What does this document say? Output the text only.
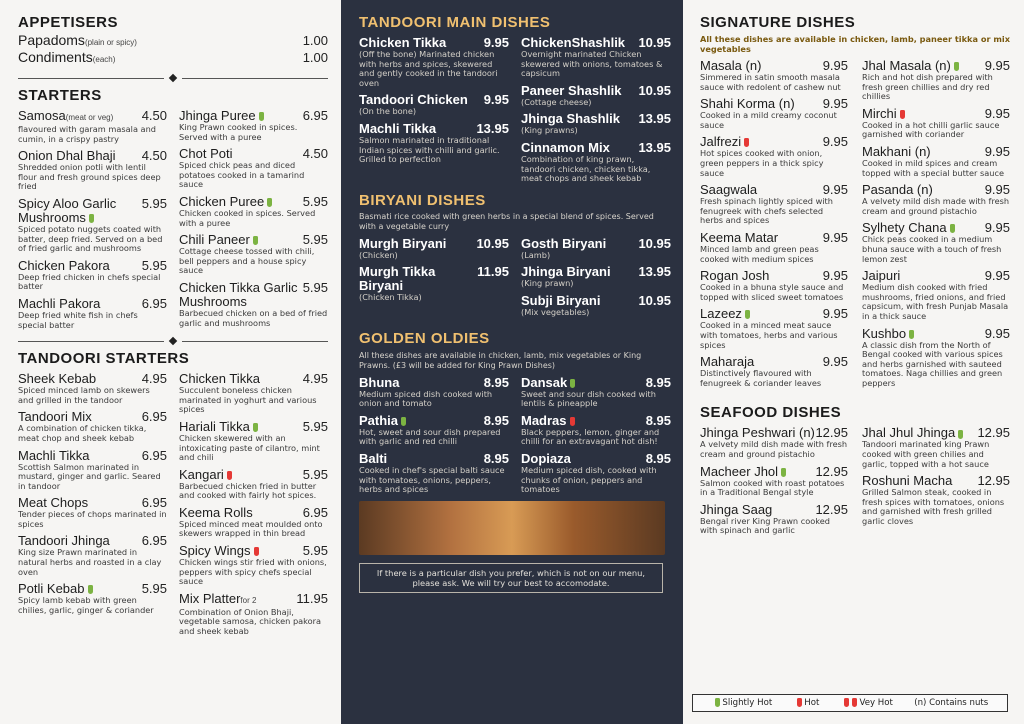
APPETISERS
Papadoms(plain or spicy)	1.00
Condiments(each)	1.00
STARTERS
Samosa(meat or veg) 4.50
flavoured with garam masala and cumin, in a crispy pastry
Onion Dhal Bhaji 4.50
Shredded onion potli with lentil flour and fresh ground spices deep fried
Spicy Aloo Garlic Mushrooms
5.95
Spiced potato nuggets coated with batter, deep fried. Served on a bed of fried garlic and mushrooms
Chicken Pakora 5.95
Deep fried chicken in chefs special batter
Machli Pakora	6.95
Deep fried white fish in chefs special batter
Jhinga Puree	6.95
King Prawn cooked in spices. Served with a puree
Chot Poti	4.50
Spiced chick peas and diced potatoes cooked in a tamarind sauce
Chicken Puree	5.95
Chicken cooked in spices. Served with a puree
Chili Paneer	5.95
Cottage cheese tossed with chili, bell peppers and a house spicy sauce
Chicken Tikka Garlic Mushrooms
5.95
Barbecued chicken on a bed of fried garlic and mushrooms
TANDOORI STARTERS
Sheek Kebab	4.95
Spiced minced lamb on skewers and grilled in the tandoor
Tandoori Mix	6.95
A combination of chicken tikka, meat chop and sheek kebab
Machli Tikka	6.95
Scottish Salmon marinated in mustard, ginger and garlic. Seared in tandoor
Meat Chops	6.95
Tender pieces of chops marinated in spices
Tandoori Jhinga 6.95
King size Prawn marinated in natural herbs and roasted in a clay oven
Potli Kebab	5.95
Spicy lamb kebab with green chilies, garlic, ginger & coriander
Chicken Tikka	4.95
Succulent boneless chicken marinated in yoghurt and various spices
Hariali Tikka	5.95
Chicken skewered with an intoxicating paste of cilantro, mint and chili
Kangari	5.95
Barbecued chicken fried in butter and cooked with fairly hot spices.
Keema Rolls	6.95
Spiced minced meat moulded onto skewers wrapped in thin bread
Spicy Wings	5.95
Chicken wings stir fried with onions, peppers with spicy chefs special sauce
Mix Platterfor 2	11.95
Combination of Onion Bhaji, vegetable samosa, chicken pakora and sheek kebab
TANDOORI MAIN DISHES
Chicken Tikka	9.95
(Off the bone) Marinated chicken with herbs and spices, skewered and gently cooked in the tandoori oven
Tandoori Chicken 9.95
(On the bone)
Machli Tikka	13.95
Salmon marinated in traditional Indian spices with chilli and garlic. Grilled to perfection
ChickenShashlik 10.95
Overnight marinated Chicken skewered with onions, tomatoes & capsicum
Paneer Shashlik 10.95
(Cottage cheese)
Jhinga Shashlik 13.95
(King prawns)
Cinnamon Mix 13.95
Combination of king prawn, tandoori chicken, chicken tikka, meat chops and sheek kebab
BIRYANI DISHES
Basmati rice cooked with green herbs in a special blend of spices. Served with a vegetable curry
Murgh Biryani 10.95
(Chicken)
Murgh Tikka Biryani
11.95
(Chicken Tikka)
Gosth Biryani 10.95
(Lamb)
Jhinga Biryani 13.95
(King prawn)
Subji Biryani	10.95
(Mix vegetables)
GOLDEN OLDIES
All these dishes are available in chicken, lamb, mix vegetables or King Prawns. (£3 will be added for King Prawn Dishes)
Bhuna	8.95
Medium spiced dish cooked with onion and tomato
Pathia	8.95
Hot, sweet and sour dish prepared with garlic and red chilli
Balti	8.95
Cooked in chef's special balti sauce with tomatoes, onions, peppers, herbs and spices
Dansak	8.95
Sweet and sour dish cooked with lentils & pineapple
Madras	8.95
Black peppers, lemon, ginger and chilli for an extravagant hot dish!
Dopiaza	8.95
Medium spiced dish, cooked with chunks of onion, peppers and tomatoes
If there is a particular dish you prefer, which is not on our menu, please ask. We will try our best to accomodate.
SIGNATURE DISHES
All these dishes are available in chicken, lamb, paneer tikka or mix vegetables
Masala (n)	9.95
Simmered in satin smooth masala sauce with redolent of cashew nut
Shahi Korma (n) 9.95
Cooked in a mild creamy coconut sauce
Jalfrezi	9.95
Hot spices cooked with onion, green peppers in a thick spicy sauce
Saagwala	9.95
Fresh spinach lightly spiced with fenugreek with chefs selected herbs and spices
Keema Matar	9.95
Minced lamb and green peas cooked with medium spices
Rogan Josh	9.95
Cooked in a bhuna style sauce and topped with sliced sweet tomatoes
Lazeez	9.95
Cooked in a minced meat sauce with tomatoes, herbs and various spices
Maharaja	9.95
Distinctively flavoured with fenugreek & coriander leaves
Jhal Masala (n)	9.95
Rich and hot dish prepared with fresh green chillies and dry red chillies
Mirchi	9.95
Cooked in a hot chilli garlic sauce garnished with coriander
Makhani (n)	9.95
Cooked in mild spices and cream topped with a special butter sauce
Pasanda (n)	9.95
A velvety mild dish made with fresh cream and ground pistachio
Sylhety Chana	9.95
Chick peas cooked in a medium bhuna sauce with a touch of fresh lemon zest
Jaipuri	9.95
Medium dish cooked with fried mushrooms, fried onions, and fried capsicum, with fresh Punjab Masala in a thick sauce
Kushbo	9.95
A classic dish from the North of Bengal cooked with various spices and herbs garnished with sauteed tomatoes. Naga chillies and green peppers
SEAFOOD DISHES
Jhinga Peshwari (n) 12.95
A velvety mild dish made with fresh cream and ground pistachio
Macheer Jhol	12.95
Salmon cooked with roast potatoes in a Traditional Bengal style
Jhinga Saag	12.95
Bengal river King Prawn cooked with spinach and garlic
Jhal Jhul Jhinga	12.95
Tandoori marinated king Prawn cooked with green chilies and garlic, topped with a hot sauce
Roshuni Macha 12.95
Grilled Salmon steak, cooked in fresh spices with tomatoes, onions and garnished with fresh grilled garlic cloves
Slightly Hot	Hot	Vey Hot (n) Contains nuts
